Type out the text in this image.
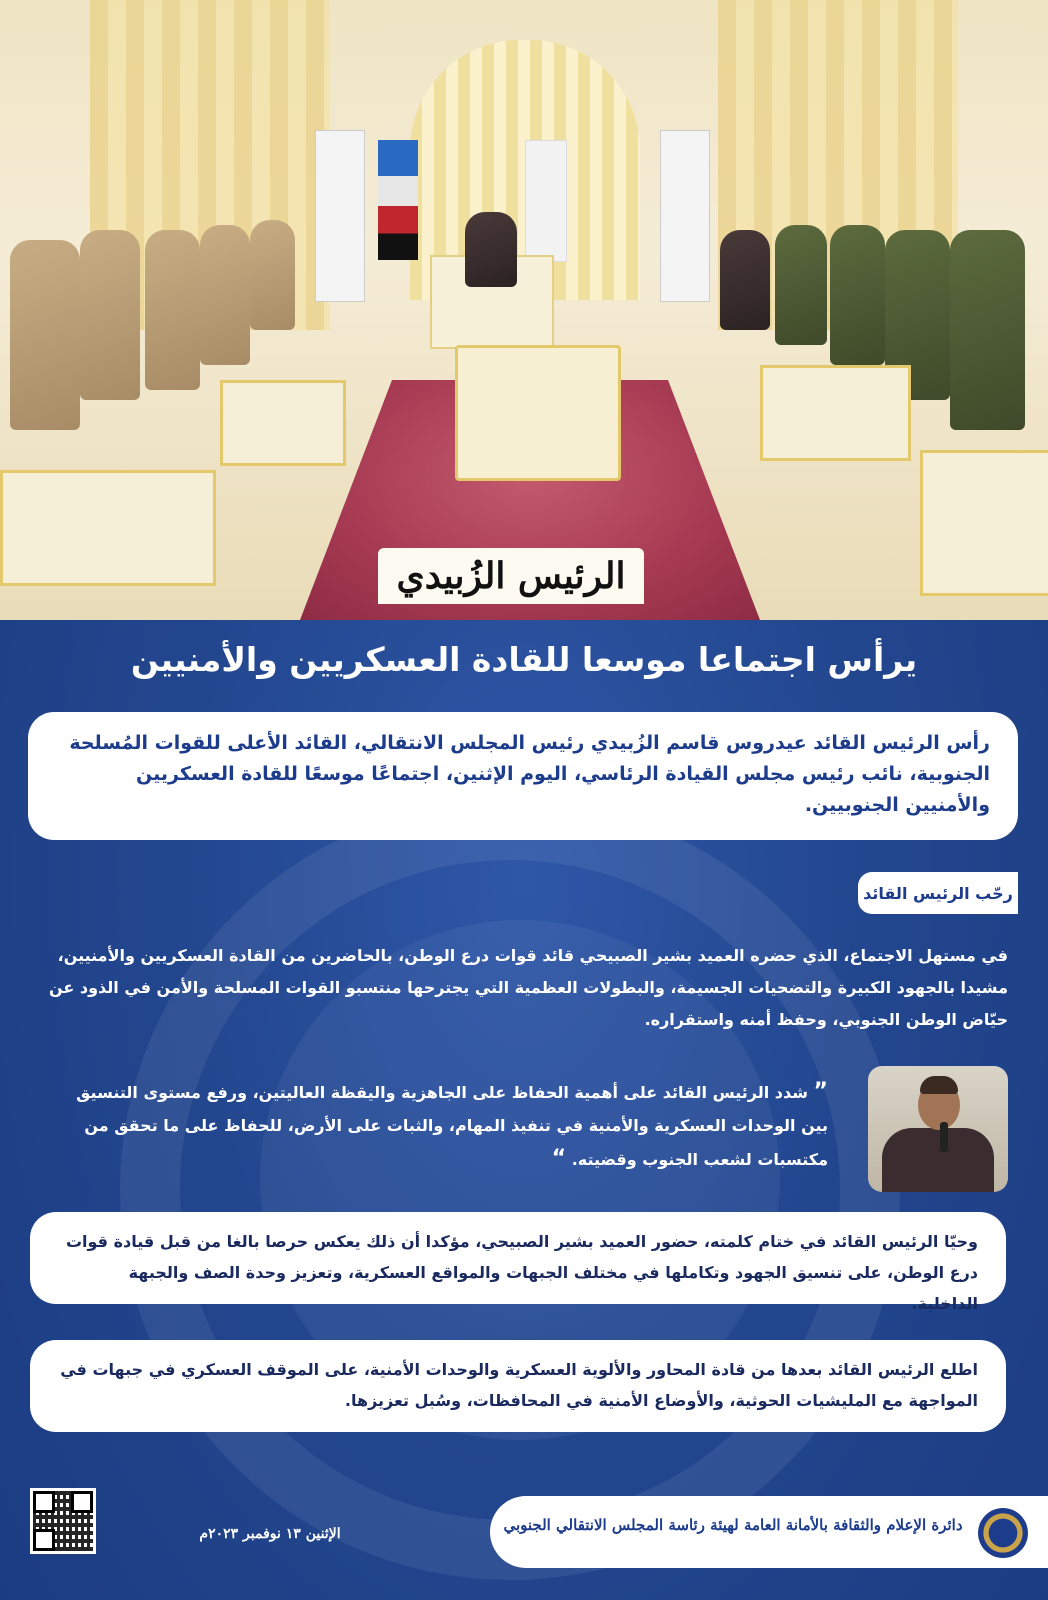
الرئيس الزُبيدي
يرأس اجتماعا موسعا للقادة العسكريين والأمنيين
رأس الرئيس القائد عيدروس قاسم الزُبيدي رئيس المجلس الانتقالي، القائد الأعلى للقوات المُسلحة الجنوبية، نائب رئيس مجلس القيادة الرئاسي، اليوم الإثنين، اجتماعًا موسعًا للقادة العسكريين والأمنيين الجنوبيين.
رحّب الرئيس القائد
في مستهل الاجتماع، الذي حضره العميد بشير الصبيحي قائد قوات درع الوطن، بالحاضرين من القادة العسكريين والأمنيين، مشيدا بالجهود الكبيرة والتضحيات الجسيمة، والبطولات العظمية التي يجترحها منتسبو القوات المسلحة والأمن في الذود عن حيّاض الوطن الجنوبي، وحفظ أمنه واستقراره.
” شدد الرئيس القائد على أهمية الحفاظ على الجاهزية واليقظة العاليتين، ورفع مستوى التنسيق بين الوحدات العسكرية والأمنية في تنفيذ المهام، والثبات على الأرض، للحفاظ على ما تحقق من مكتسبات لشعب الجنوب وقضيته. “
وحيّا الرئيس القائد في ختام كلمته، حضور العميد بشير الصبيحي، مؤكدا أن ذلك يعكس حرصا بالغا من قبل قيادة قوات درع الوطن، على تنسيق الجهود وتكاملها في مختلف الجبهات والمواقع العسكرية، وتعزيز وحدة الصف والجبهة الداخلية.
اطلع الرئيس القائد بعدها من قادة المحاور والألوية العسكرية والوحدات الأمنية، على الموقف العسكري في جبهات في المواجهة مع المليشيات الحوثية، والأوضاع الأمنية في المحافظات، وسُبل تعزيزها.
دائرة الإعلام والثقافة بالأمانة العامة لهيئة رئاسة المجلس الانتقالي الجنوبي
الإثنين ١٣ نوفمبر ٢٠٢٣م
